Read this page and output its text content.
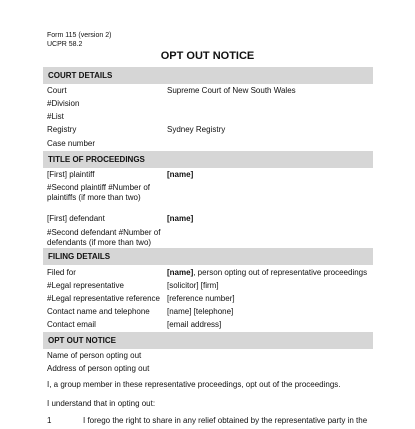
Form 115 (version 2)
UCPR 58.2
OPT OUT NOTICE
COURT DETAILS
Court	Supreme Court of New South Wales
#Division
#List
Registry	Sydney Registry
Case number
TITLE OF PROCEEDINGS
[First] plaintiff	[name]
#Second plaintiff #Number of plaintiffs (if more than two)
[First] defendant	[name]
#Second defendant #Number of defendants (if more than two)
FILING DETAILS
Filed for	[name], person opting out of representative proceedings
#Legal representative	[solicitor] [firm]
#Legal representative reference [reference number]
Contact name and telephone [name] [telephone]
Contact email	[email address]
OPT OUT NOTICE
Name of person opting out
Address of person opting out
I, a group member in these representative proceedings, opt out of the proceedings.
I understand that in opting out:
1	I forego the right to share in any relief obtained by the representative party in the
